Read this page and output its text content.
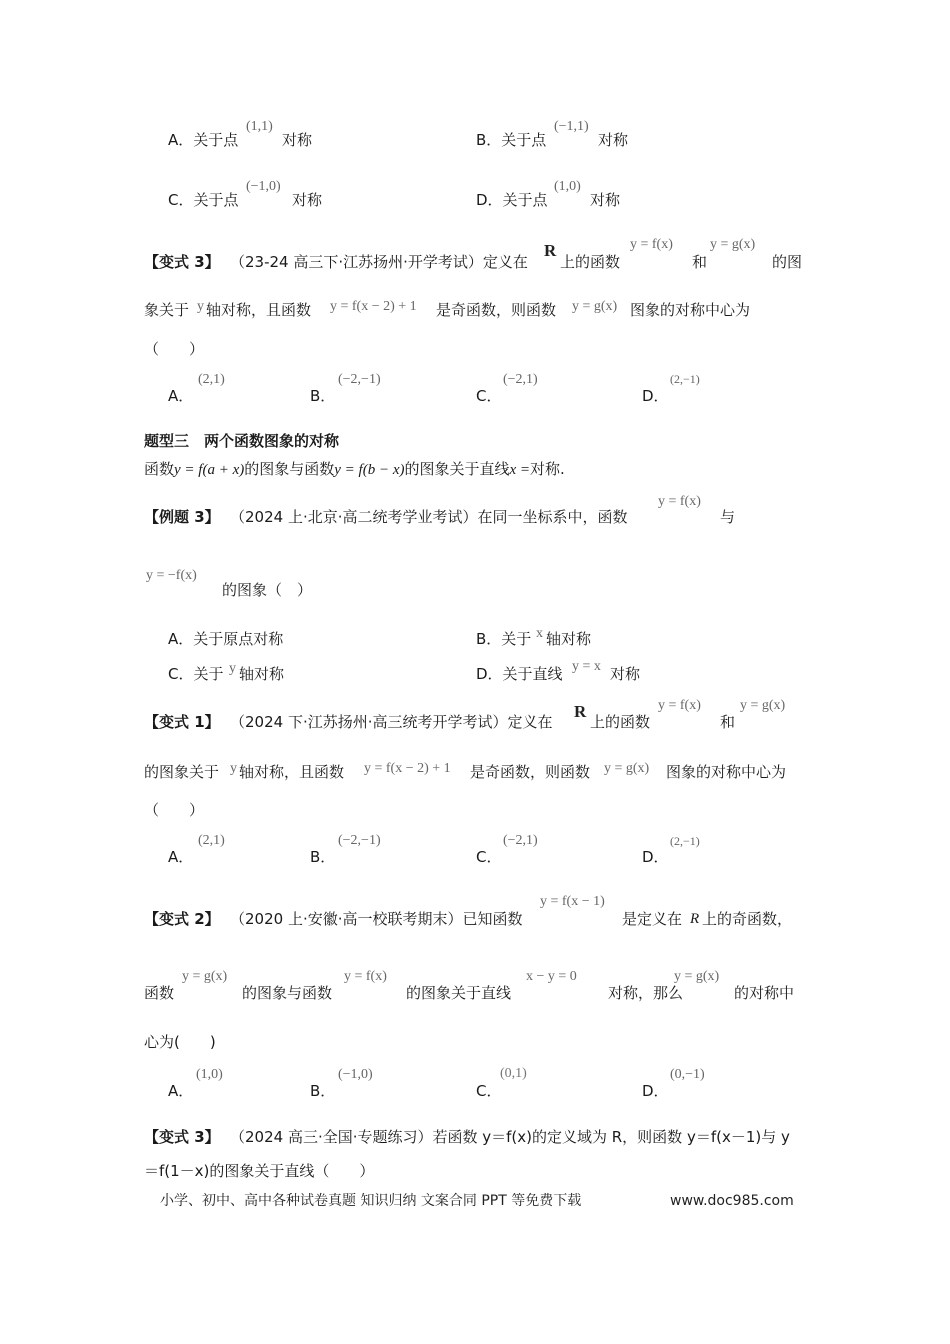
A．关于点
(1,1)
对称	B．关于点
(−1,1)
对称
C．关于点
(−1,0)
对称	D．关于点
(1,0)
对称
【变式 3】 （23-24 高三下·江苏扬州·开学考试）定义在
R
上的函数
y = f(x)
和
y = g(x)
的图
象关于 y 轴对称，且函数 y = f(x − 2) + 1 是奇函数，则函数 y = g(x) 图象的对称中心为
（　　）
A．
(2,1)
B．
(−2,−1)
C．
(−2,1)
D．
(2,−1)
题型三　两个函数图象的对称
函数y = f(a + x)的图象与函数y = f(b − x)的图象关于直线x =对称.
【例题 3】 （2024 上·北京·高二统考学业考试）在同一坐标系中，函数
y = f(x)
与
y = −f(x)
的图象（　）
A．关于原点对称	B．关于 x 轴对称
C．关于 y 轴对称	D．关于直线 y = x 对称
【变式 1】 （2024 下·江苏扬州·高三统考开学考试）定义在
R
上的函数
y = f(x)
和
y = g(x)
的图象关于 y 轴对称，且函数 y = f(x − 2) + 1 是奇函数，则函数 y = g(x) 图象的对称中心为
（　　）
A．
(2,1)
B．
(−2,−1)
C．
(−2,1)
D．
(2,−1)
【变式 2】 （2020 上·安徽·高一校联考期末）已知函数
y = f(x − 1)
是定义在 R 上的奇函数，
函数
y = g(x)
的图象与函数
y = f(x)
的图象关于直线
x − y = 0
对称，那么
y = g(x)
的对称中
心为(　　)
A．
(1,0)
B．
(−1,0)
C．
(0,1)
D．
(0,−1)
【变式 3】 （2024 高三·全国·专题练习）若函数 y＝f(x)的定义域为 R，则函数 y＝f(x－1)与 y
＝f(1－x)的图象关于直线（　　）
小学、初中、高中各种试卷真题 知识归纳 文案合同 PPT 等免费下载	www.doc985.com
